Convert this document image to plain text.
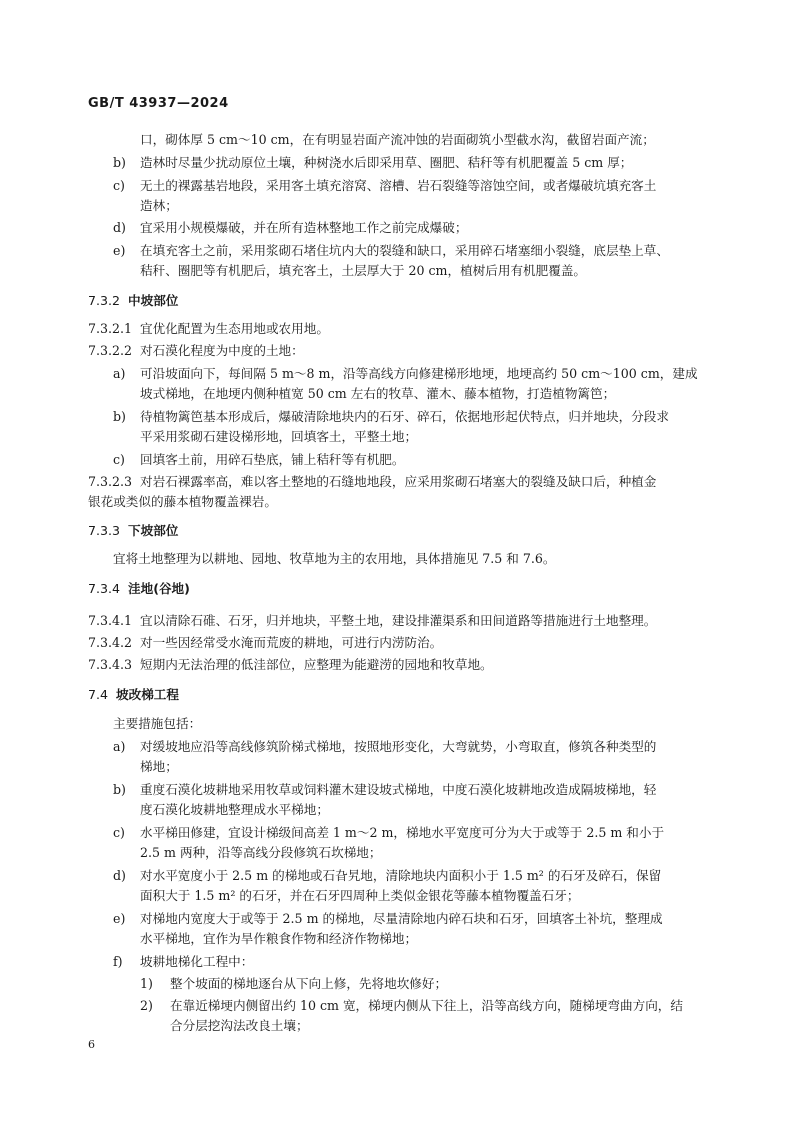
GB/T 43937—2024
口，砌体厚 5 cm～10 cm，在有明显岩面产流冲蚀的岩面砌筑小型截水沟，截留岩面产流；
b) 造林时尽量少扰动原位土壤，种树浇水后即采用草、圈肥、秸秆等有机肥覆盖 5 cm 厚；
c) 无土的裸露基岩地段，采用客土填充溶窝、溶槽、岩石裂缝等溶蚀空间，或者爆破坑填充客土
造林；
d) 宜采用小规模爆破，并在所有造林整地工作之前完成爆破；
e) 在填充客土之前，采用浆砌石堵住坑内大的裂缝和缺口，采用碎石堵塞细小裂缝，底层垫上草、
秸秆、圈肥等有机肥后，填充客土，土层厚大于 20 cm，植树后用有机肥覆盖。
7.3.2 中坡部位
7.3.2.1 宜优化配置为生态用地或农用地。
7.3.2.2 对石漠化程度为中度的土地：
a) 可沿坡面向下，每间隔 5 m～8 m，沿等高线方向修建梯形地埂，地埂高约 50 cm～100 cm，建成
坡式梯地，在地埂内侧种植宽 50 cm 左右的牧草、灌木、藤本植物，打造植物篱笆；
b) 待植物篱笆基本形成后，爆破清除地块内的石牙、碎石，依据地形起伏特点，归并地块，分段求
平采用浆砌石建设梯形地，回填客土，平整土地；
c) 回填客土前，用碎石垫底，铺上秸秆等有机肥。
7.3.2.3 对岩石裸露率高，难以客土整地的石缝地地段，应采用浆砌石堵塞大的裂缝及缺口后，种植金
银花或类似的藤本植物覆盖裸岩。
7.3.3 下坡部位
宜将土地整理为以耕地、园地、牧草地为主的农用地，具体措施见 7.5 和 7.6。
7.3.4 洼地(谷地)
7.3.4.1 宜以清除石碓、石牙，归并地块，平整土地，建设排灌渠系和田间道路等措施进行土地整理。
7.3.4.2 对一些因经常受水淹而荒废的耕地，可进行内涝防治。
7.3.4.3 短期内无法治理的低洼部位，应整理为能避涝的园地和牧草地。
7.4 坡改梯工程
主要措施包括：
a) 对缓坡地应沿等高线修筑阶梯式梯地，按照地形变化，大弯就势，小弯取直，修筑各种类型的
梯地；
b) 重度石漠化坡耕地采用牧草或饲料灌木建设坡式梯地，中度石漠化坡耕地改造成隔坡梯地，轻
度石漠化坡耕地整理成水平梯地；
c) 水平梯田修建，宜设计梯级间高差 1 m～2 m，梯地水平宽度可分为大于或等于 2.5 m 和小于
2.5 m 两种，沿等高线分段修筑石坎梯地；
d) 对水平宽度小于 2.5 m 的梯地或石旮旯地，清除地块内面积小于 1.5 m² 的石牙及碎石，保留
面积大于 1.5 m² 的石牙，并在石牙四周种上类似金银花等藤本植物覆盖石牙；
e) 对梯地内宽度大于或等于 2.5 m 的梯地，尽量清除地内碎石块和石牙，回填客土补坑，整理成
水平梯地，宜作为旱作粮食作物和经济作物梯地；
f) 坡耕地梯化工程中：
1) 整个坡面的梯地逐台从下向上修，先将地坎修好；
2) 在靠近梯埂内侧留出约 10 cm 宽，梯埂内侧从下往上，沿等高线方向，随梯埂弯曲方向，结
合分层挖沟法改良土壤；
6
